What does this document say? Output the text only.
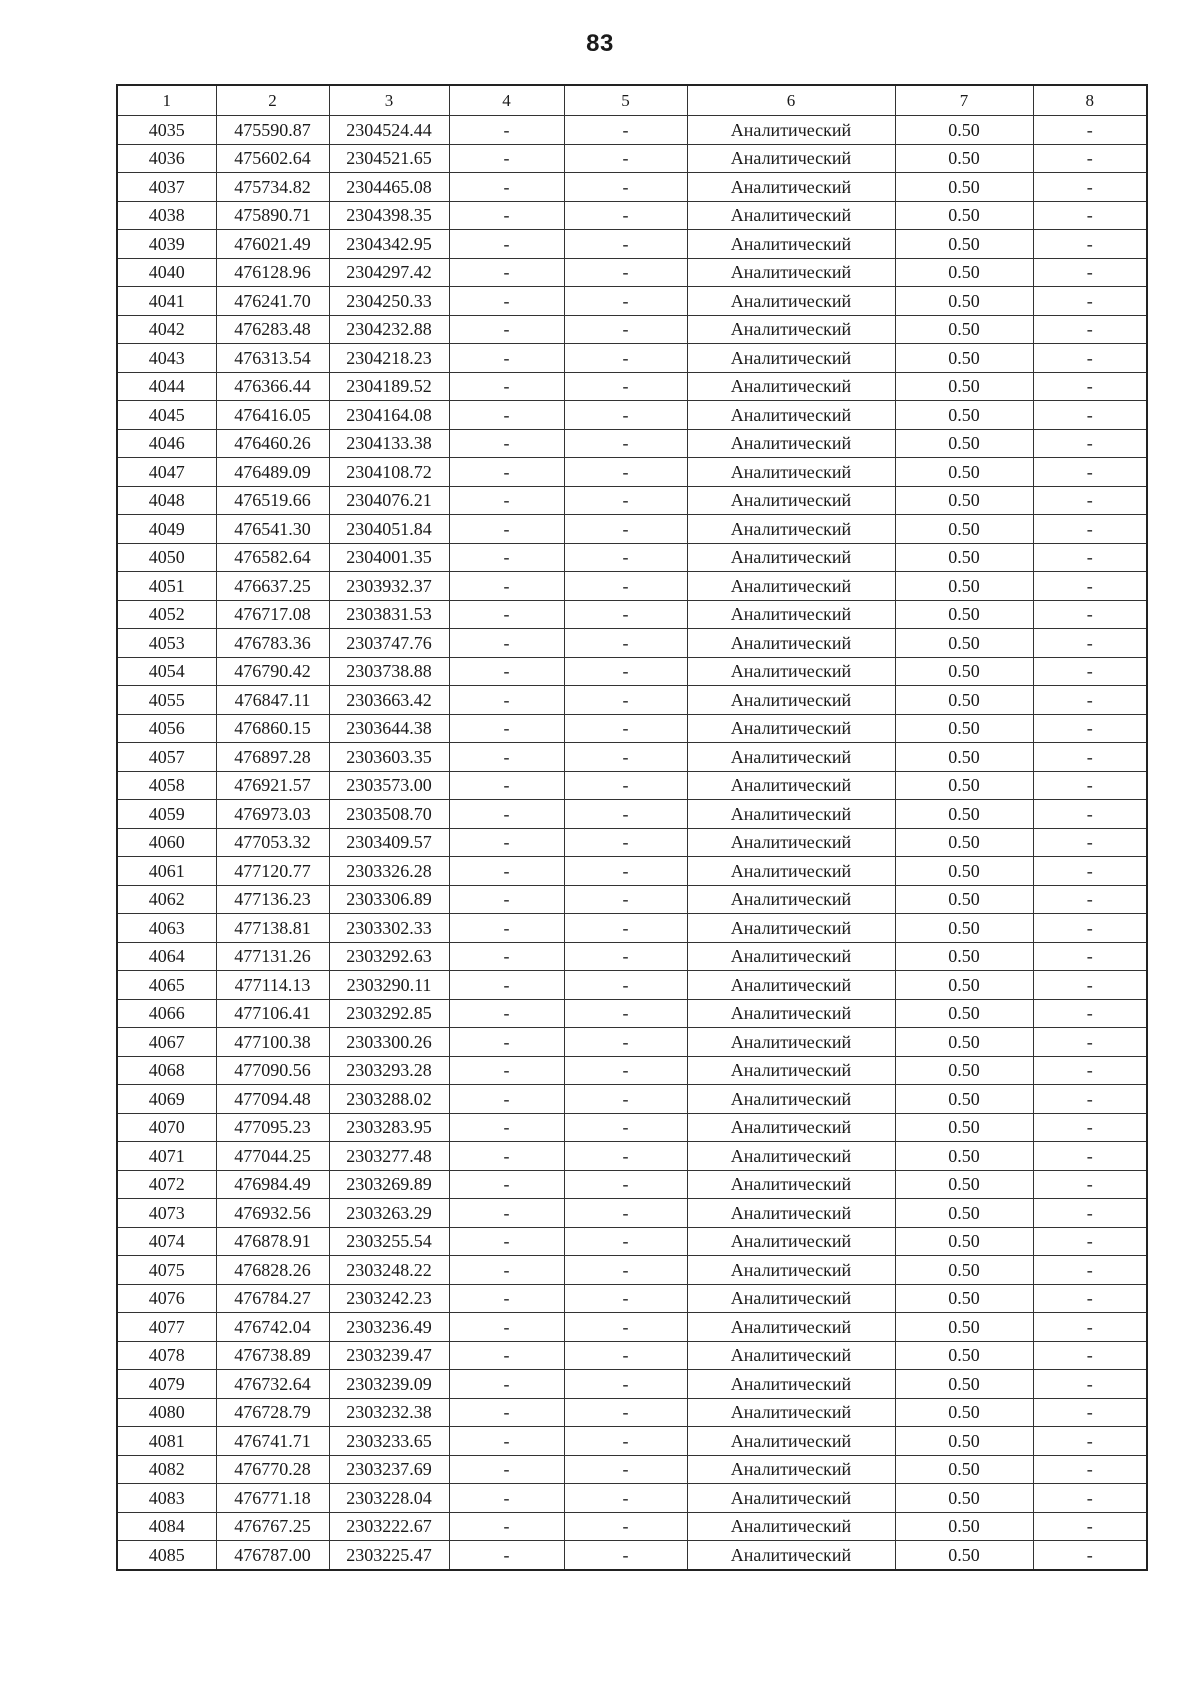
83
1	2	3	4	5	6	7	8
4035	475590.87	2304524.44	-	-	Аналитический	0.50	-
4036	475602.64	2304521.65	-	-	Аналитический	0.50	-
4037	475734.82	2304465.08	-	-	Аналитический	0.50	-
4038	475890.71	2304398.35	-	-	Аналитический	0.50	-
4039	476021.49	2304342.95	-	-	Аналитический	0.50	-
4040	476128.96	2304297.42	-	-	Аналитический	0.50	-
4041	476241.70	2304250.33	-	-	Аналитический	0.50	-
4042	476283.48	2304232.88	-	-	Аналитический	0.50	-
4043	476313.54	2304218.23	-	-	Аналитический	0.50	-
4044	476366.44	2304189.52	-	-	Аналитический	0.50	-
4045	476416.05	2304164.08	-	-	Аналитический	0.50	-
4046	476460.26	2304133.38	-	-	Аналитический	0.50	-
4047	476489.09	2304108.72	-	-	Аналитический	0.50	-
4048	476519.66	2304076.21	-	-	Аналитический	0.50	-
4049	476541.30	2304051.84	-	-	Аналитический	0.50	-
4050	476582.64	2304001.35	-	-	Аналитический	0.50	-
4051	476637.25	2303932.37	-	-	Аналитический	0.50	-
4052	476717.08	2303831.53	-	-	Аналитический	0.50	-
4053	476783.36	2303747.76	-	-	Аналитический	0.50	-
4054	476790.42	2303738.88	-	-	Аналитический	0.50	-
4055	476847.11	2303663.42	-	-	Аналитический	0.50	-
4056	476860.15	2303644.38	-	-	Аналитический	0.50	-
4057	476897.28	2303603.35	-	-	Аналитический	0.50	-
4058	476921.57	2303573.00	-	-	Аналитический	0.50	-
4059	476973.03	2303508.70	-	-	Аналитический	0.50	-
4060	477053.32	2303409.57	-	-	Аналитический	0.50	-
4061	477120.77	2303326.28	-	-	Аналитический	0.50	-
4062	477136.23	2303306.89	-	-	Аналитический	0.50	-
4063	477138.81	2303302.33	-	-	Аналитический	0.50	-
4064	477131.26	2303292.63	-	-	Аналитический	0.50	-
4065	477114.13	2303290.11	-	-	Аналитический	0.50	-
4066	477106.41	2303292.85	-	-	Аналитический	0.50	-
4067	477100.38	2303300.26	-	-	Аналитический	0.50	-
4068	477090.56	2303293.28	-	-	Аналитический	0.50	-
4069	477094.48	2303288.02	-	-	Аналитический	0.50	-
4070	477095.23	2303283.95	-	-	Аналитический	0.50	-
4071	477044.25	2303277.48	-	-	Аналитический	0.50	-
4072	476984.49	2303269.89	-	-	Аналитический	0.50	-
4073	476932.56	2303263.29	-	-	Аналитический	0.50	-
4074	476878.91	2303255.54	-	-	Аналитический	0.50	-
4075	476828.26	2303248.22	-	-	Аналитический	0.50	-
4076	476784.27	2303242.23	-	-	Аналитический	0.50	-
4077	476742.04	2303236.49	-	-	Аналитический	0.50	-
4078	476738.89	2303239.47	-	-	Аналитический	0.50	-
4079	476732.64	2303239.09	-	-	Аналитический	0.50	-
4080	476728.79	2303232.38	-	-	Аналитический	0.50	-
4081	476741.71	2303233.65	-	-	Аналитический	0.50	-
4082	476770.28	2303237.69	-	-	Аналитический	0.50	-
4083	476771.18	2303228.04	-	-	Аналитический	0.50	-
4084	476767.25	2303222.67	-	-	Аналитический	0.50	-
4085	476787.00	2303225.47	-	-	Аналитический	0.50	-
